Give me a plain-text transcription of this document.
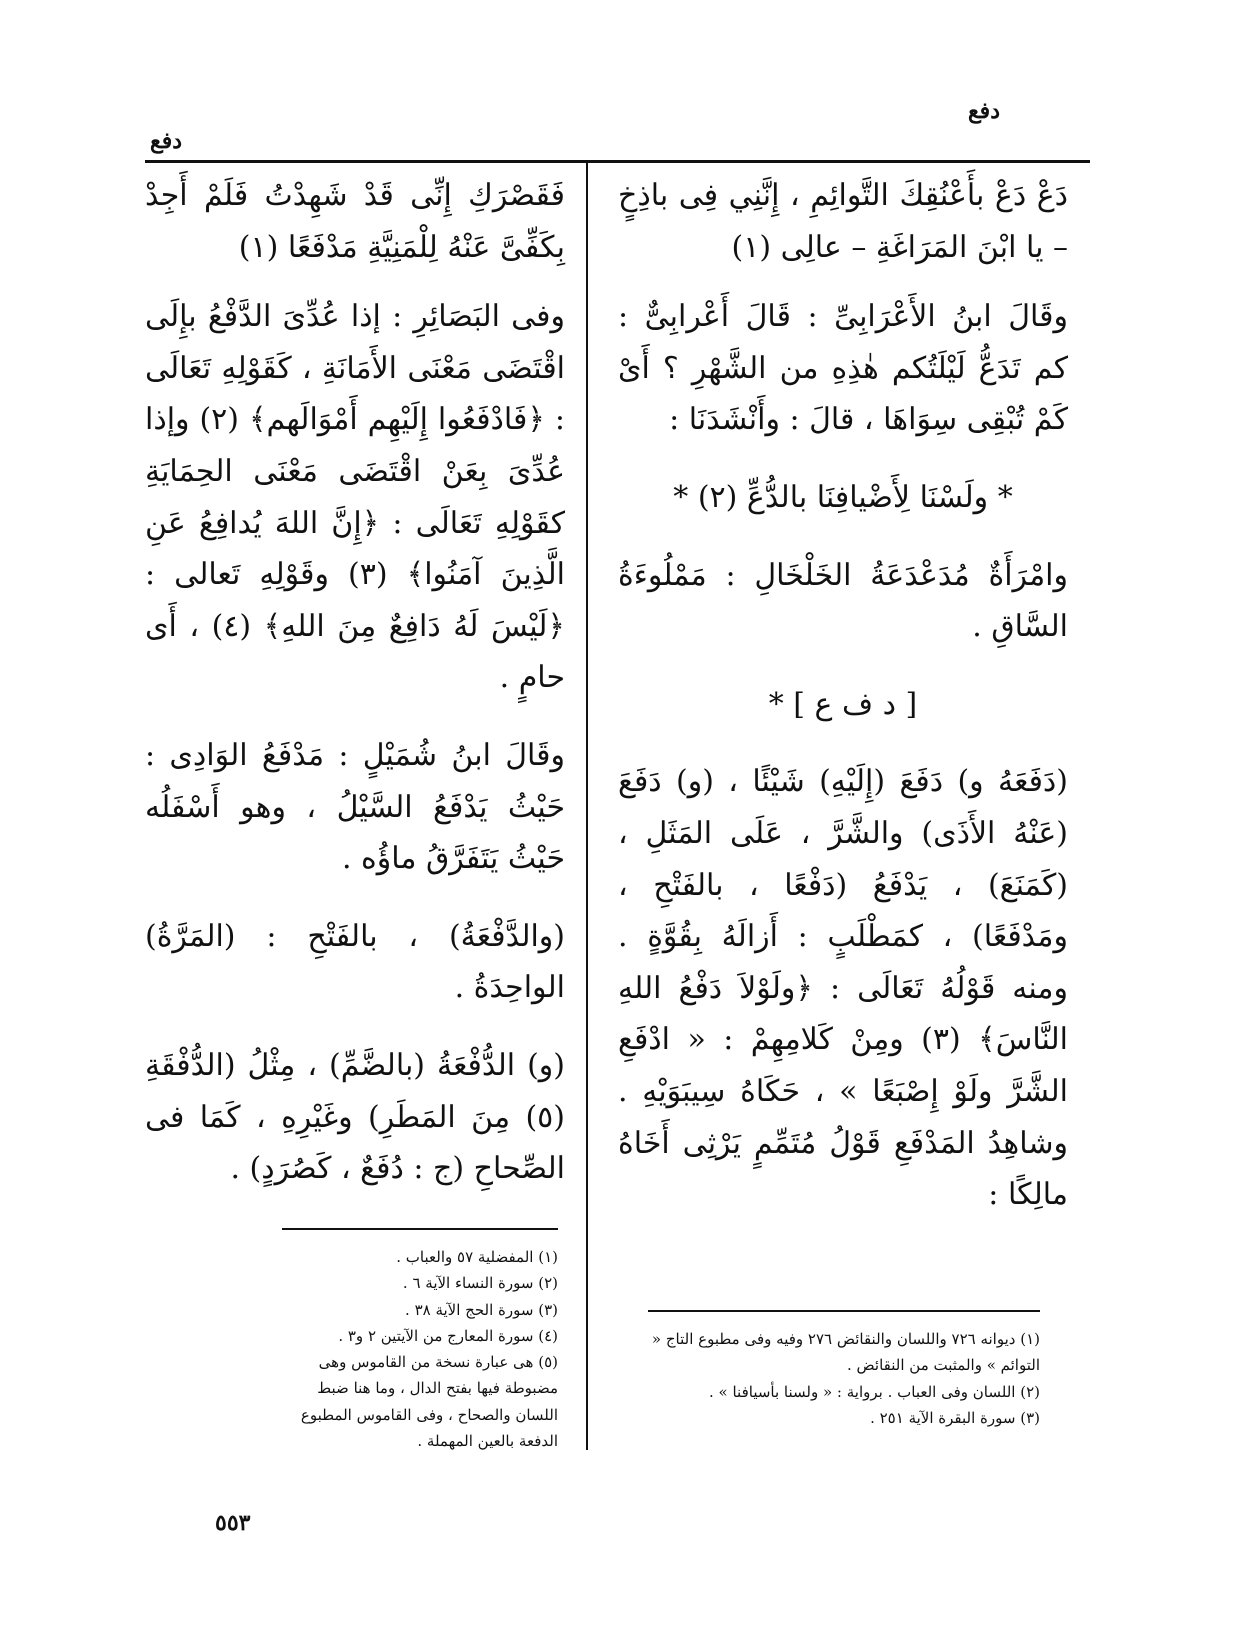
دفع
دفع

دَعْ دَعْ بأَعْنُقِكَ التَّوائِمِ ، إِنَّنِي فِى باذِخٍ – يا ابْنَ المَرَاغَةِ – عالِى (١)

وقَالَ ابنُ الأَعْرَابِىِّ : قَالَ أَعْرابِىٌّ : كم تَدَعُّ لَيْلَتُكم هٰذِهِ من الشَّهْرِ ؟ أَىْ كَمْ تُبْقِى سِوَاهَا ، قالَ : وأَنْشَدَنَا :

* ولَسْنَا لِأَضْيافِنَا بالدُّعِّ (٢) *

وامْرَأَةٌ مُدَعْدَعَةُ الخَلْخَالِ : مَمْلُوءَةُ السَّاقِ .

[ د ف ع ] *

(دَفَعَهُ و) دَفَعَ (إِلَيْهِ) شَيْئًا ، (و) دَفَعَ (عَنْهُ الأَذَى) والشَّرَّ ، عَلَى المَثَلِ ، (كَمَنَعَ) ، يَدْفَعُ (دَفْعًا ، بالفَتْحِ ، ومَدْفَعًا) ، كمَطْلَبٍ : أَزالَهُ بِقُوَّةٍ . ومنه قَوْلُهُ تَعَالَى : ﴿ولَوْلاَ دَفْعُ اللهِ النَّاسَ﴾ (٣) ومِنْ كَلامِهِمْ : « ادْفَعِ الشَّرَّ ولَوْ إِصْبَعًا » ، حَكَاهُ سِيبَوَيْهِ . وشاهِدُ المَدْفَعِ قَوْلُ مُتَمِّمٍ يَرْثِى أَخَاهُ مالِكًا :

فَقَصْرَكِ إِنِّى قَدْ شَهِدْتُ فَلَمْ أَجِدْ بِكَفِّىَّ عَنْهُ لِلْمَنِيَّةِ مَدْفَعًا (١)

وفى البَصَائِرِ : إذا عُدِّىَ الدَّفْعُ بإِلَى اقْتَضَى مَعْنَى الأَمَانَةِ ، كَقَوْلِهِ تَعَالَى : ﴿فَادْفَعُوا إِلَيْهِم أَمْوَالَهم﴾ (٢) وإذا عُدِّىَ بِعَنْ اقْتَضَى مَعْنَى الحِمَايَةِ كقَوْلِهِ تَعَالَى : ﴿إِنَّ اللهَ يُدافِعُ عَنِ الَّذِينَ آمَنُوا﴾ (٣) وقَوْلِهِ تَعالى : ﴿لَيْسَ لَهُ دَافِعٌ مِنَ اللهِ﴾ (٤) ، أَى حامٍ .

وقَالَ ابنُ شُمَيْلٍ : مَدْفَعُ الوَادِى : حَيْثُ يَدْفَعُ السَّيْلُ ، وهو أَسْفَلُه حَيْثُ يَتَفَرَّقُ ماؤُه .

(والدَّفْعَةُ) ، بالفَتْحِ : (المَرَّةُ) الواحِدَةُ .

(و) الدُّفْعَةُ (بالضَّمِّ) ، مِثْلُ (الدُّفْقَةِ (٥) مِنَ المَطَرِ) وغَيْرِهِ ، كَمَا فى الصِّحاحِ (ج : دُفَعٌ ، كَصُرَدٍ) .

(١) ديوانه ٧٢٦ واللسان والنقائض ٢٧٦ وفيه وفى مطبوع التاج « التوائم » والمثبت من النقائض .
(٢) اللسان وفى العباب . برواية : « ولسنا بأسيافنا » .
(٣) سورة البقرة الآية ٢٥١ .
(١) المفضلية ٥٧ والعباب .
(٢) سورة النساء الآية ٦ .
(٣) سورة الحج الآية ٣٨ .
(٤) سورة المعارج من الآيتين ٢ و٣ .
(٥) هى عبارة نسخة من القاموس وهى مضبوطة فيها بفتح الدال ، وما هنا ضبط اللسان والصحاح ، وفى القاموس المطبوع الدفعة بالعين المهملة .
٥٥٣
